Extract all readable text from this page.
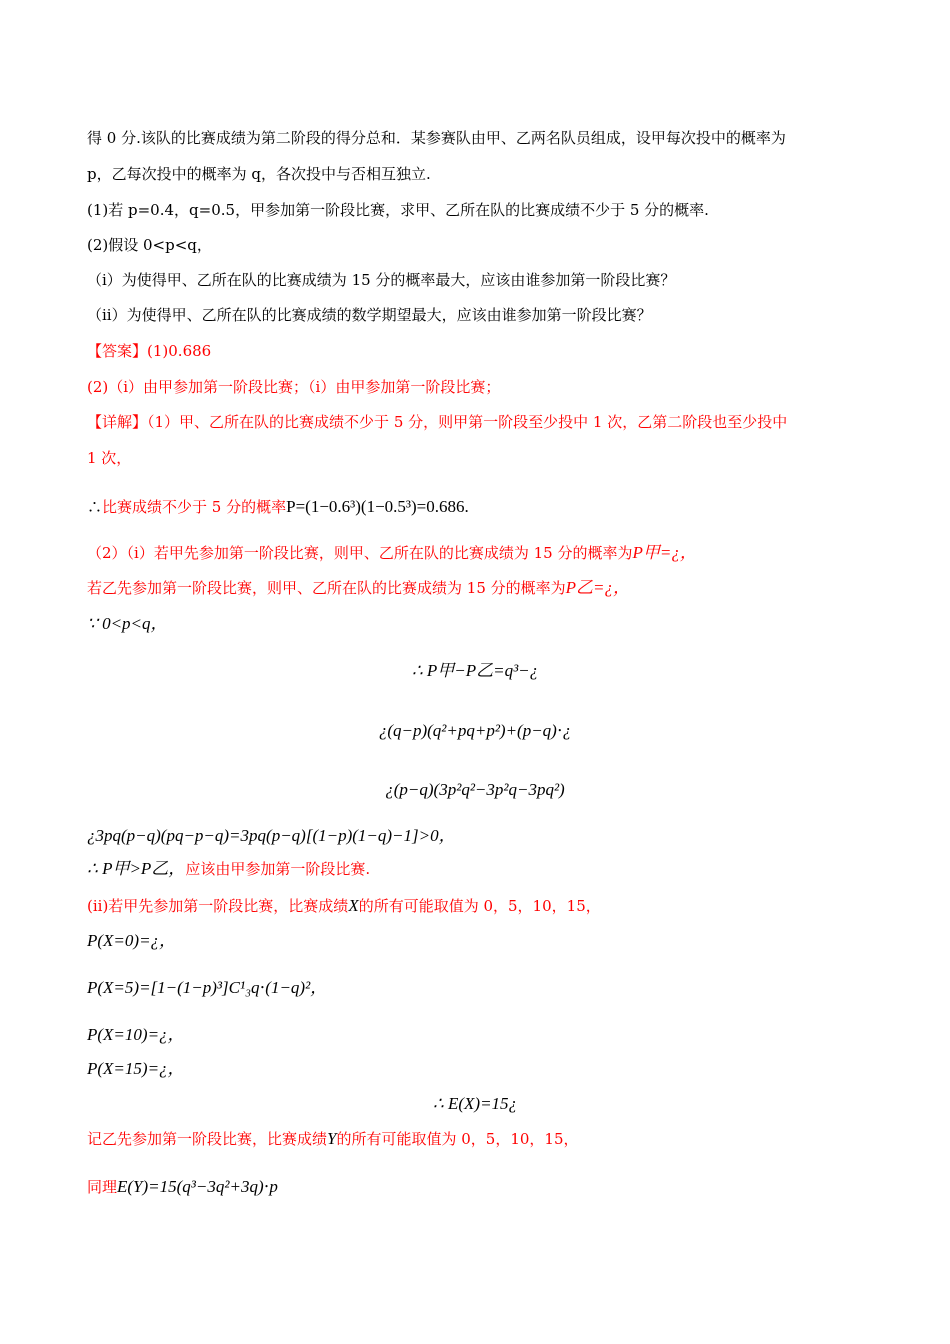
得 0 分.该队的比赛成绩为第二阶段的得分总和．某参赛队由甲、乙两名队员组成，设甲每次投中的概率为
p，乙每次投中的概率为 q，各次投中与否相互独立.
(1)若 p=0.4，q=0.5，甲参加第一阶段比赛，求甲、乙所在队的比赛成绩不少于 5 分的概率.
(2)假设 0<p<q，
（i）为使得甲、乙所在队的比赛成绩为 15 分的概率最大，应该由谁参加第一阶段比赛？
（ii）为使得甲、乙所在队的比赛成绩的数学期望最大，应该由谁参加第一阶段比赛？
【答案】(1)0.686
(2)（i）由甲参加第一阶段比赛；（i）由甲参加第一阶段比赛；
【详解】（1）甲、乙所在队的比赛成绩不少于 5 分，则甲第一阶段至少投中 1 次，乙第二阶段也至少投中
1 次，
∴比赛成绩不少于 5 分的概率P=(1−0.6³)(1−0.5³)=0.686.
（2）（i）若甲先参加第一阶段比赛，则甲、乙所在队的比赛成绩为 15 分的概率为P甲=¿，
若乙先参加第一阶段比赛，则甲、乙所在队的比赛成绩为 15 分的概率为P乙=¿，
∵ 0<p<q，
∴ P甲−P乙=q³−¿
¿(q−p)(q²+pq+p²)+(p−q)⋅¿
¿(p−q)(3p²q²−3p²q−3pq²)
¿3pq(p−q)(pq−p−q)=3pq(p−q)[(1−p)(1−q)−1]>0，
∴ P甲>P乙，应该由甲参加第一阶段比赛.
(ii)若甲先参加第一阶段比赛，比赛成绩X的所有可能取值为 0，5，10，15，
P(X=0)=¿，
P(X=5)=[1−(1−p)³]C¹₃q⋅(1−q)²，
P(X=10)=¿，
P(X=15)=¿，
∴ E(X)=15¿
记乙先参加第一阶段比赛，比赛成绩Y的所有可能取值为 0，5，10，15，
同理E(Y)=15(q³−3q²+3q)⋅p
